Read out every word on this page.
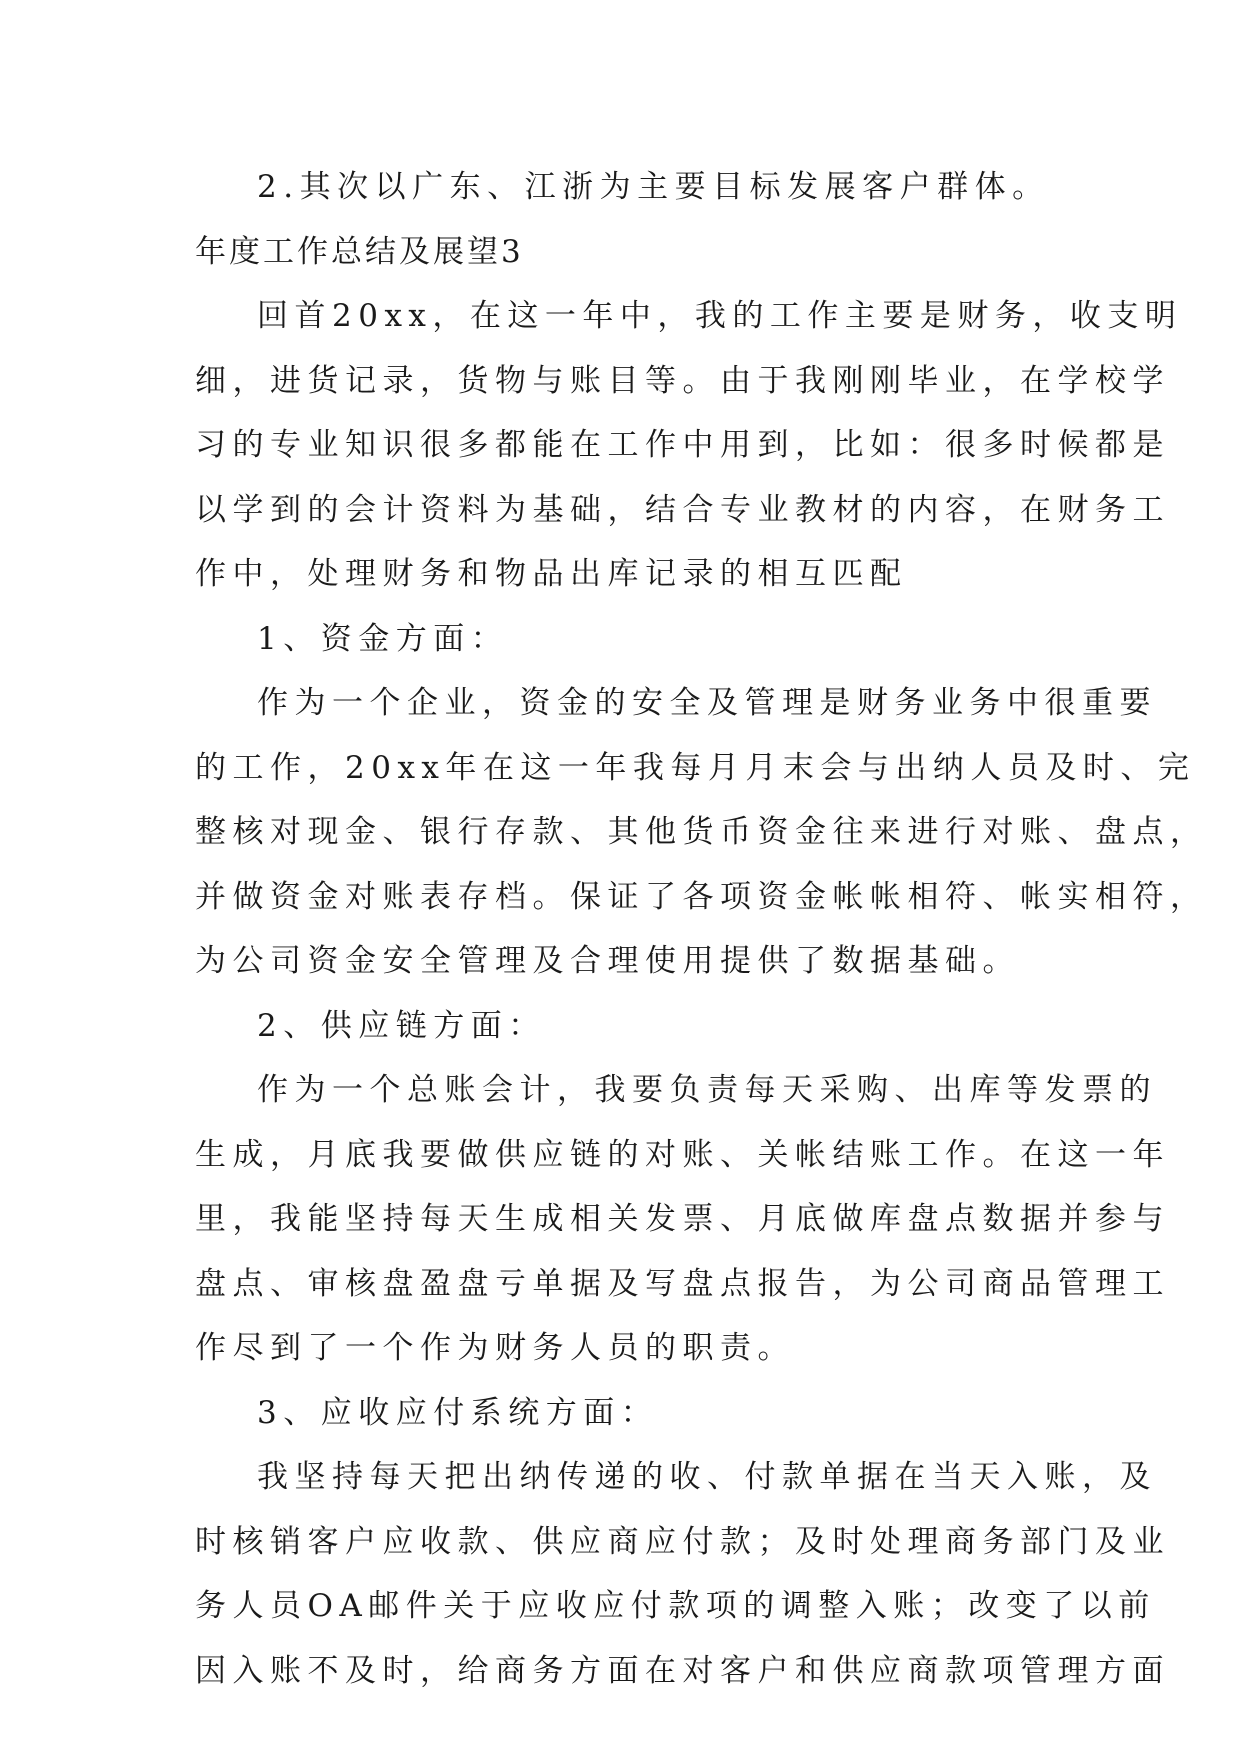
2.其次以广东、江浙为主要目标发展客户群体。
年度工作总结及展望3
回首20xx，在这一年中，我的工作主要是财务，收支明
细，进货记录，货物与账目等。由于我刚刚毕业，在学校学
习的专业知识很多都能在工作中用到，比如：很多时候都是
以学到的会计资料为基础，结合专业教材的内容，在财务工
作中，处理财务和物品出库记录的相互匹配
1、资金方面：
作为一个企业，资金的安全及管理是财务业务中很重要
的工作，20xx年在这一年我每月月末会与出纳人员及时、完
整核对现金、银行存款、其他货币资金往来进行对账、盘点，
并做资金对账表存档。保证了各项资金帐帐相符、帐实相符，
为公司资金安全管理及合理使用提供了数据基础。
2、供应链方面：
作为一个总账会计，我要负责每天采购、出库等发票的
生成，月底我要做供应链的对账、关帐结账工作。在这一年
里，我能坚持每天生成相关发票、月底做库盘点数据并参与
盘点、审核盘盈盘亏单据及写盘点报告，为公司商品管理工
作尽到了一个作为财务人员的职责。
3、应收应付系统方面：
我坚持每天把出纳传递的收、付款单据在当天入账，及
时核销客户应收款、供应商应付款；及时处理商务部门及业
务人员OA邮件关于应收应付款项的调整入账；改变了以前
因入账不及时，给商务方面在对客户和供应商款项管理方面
